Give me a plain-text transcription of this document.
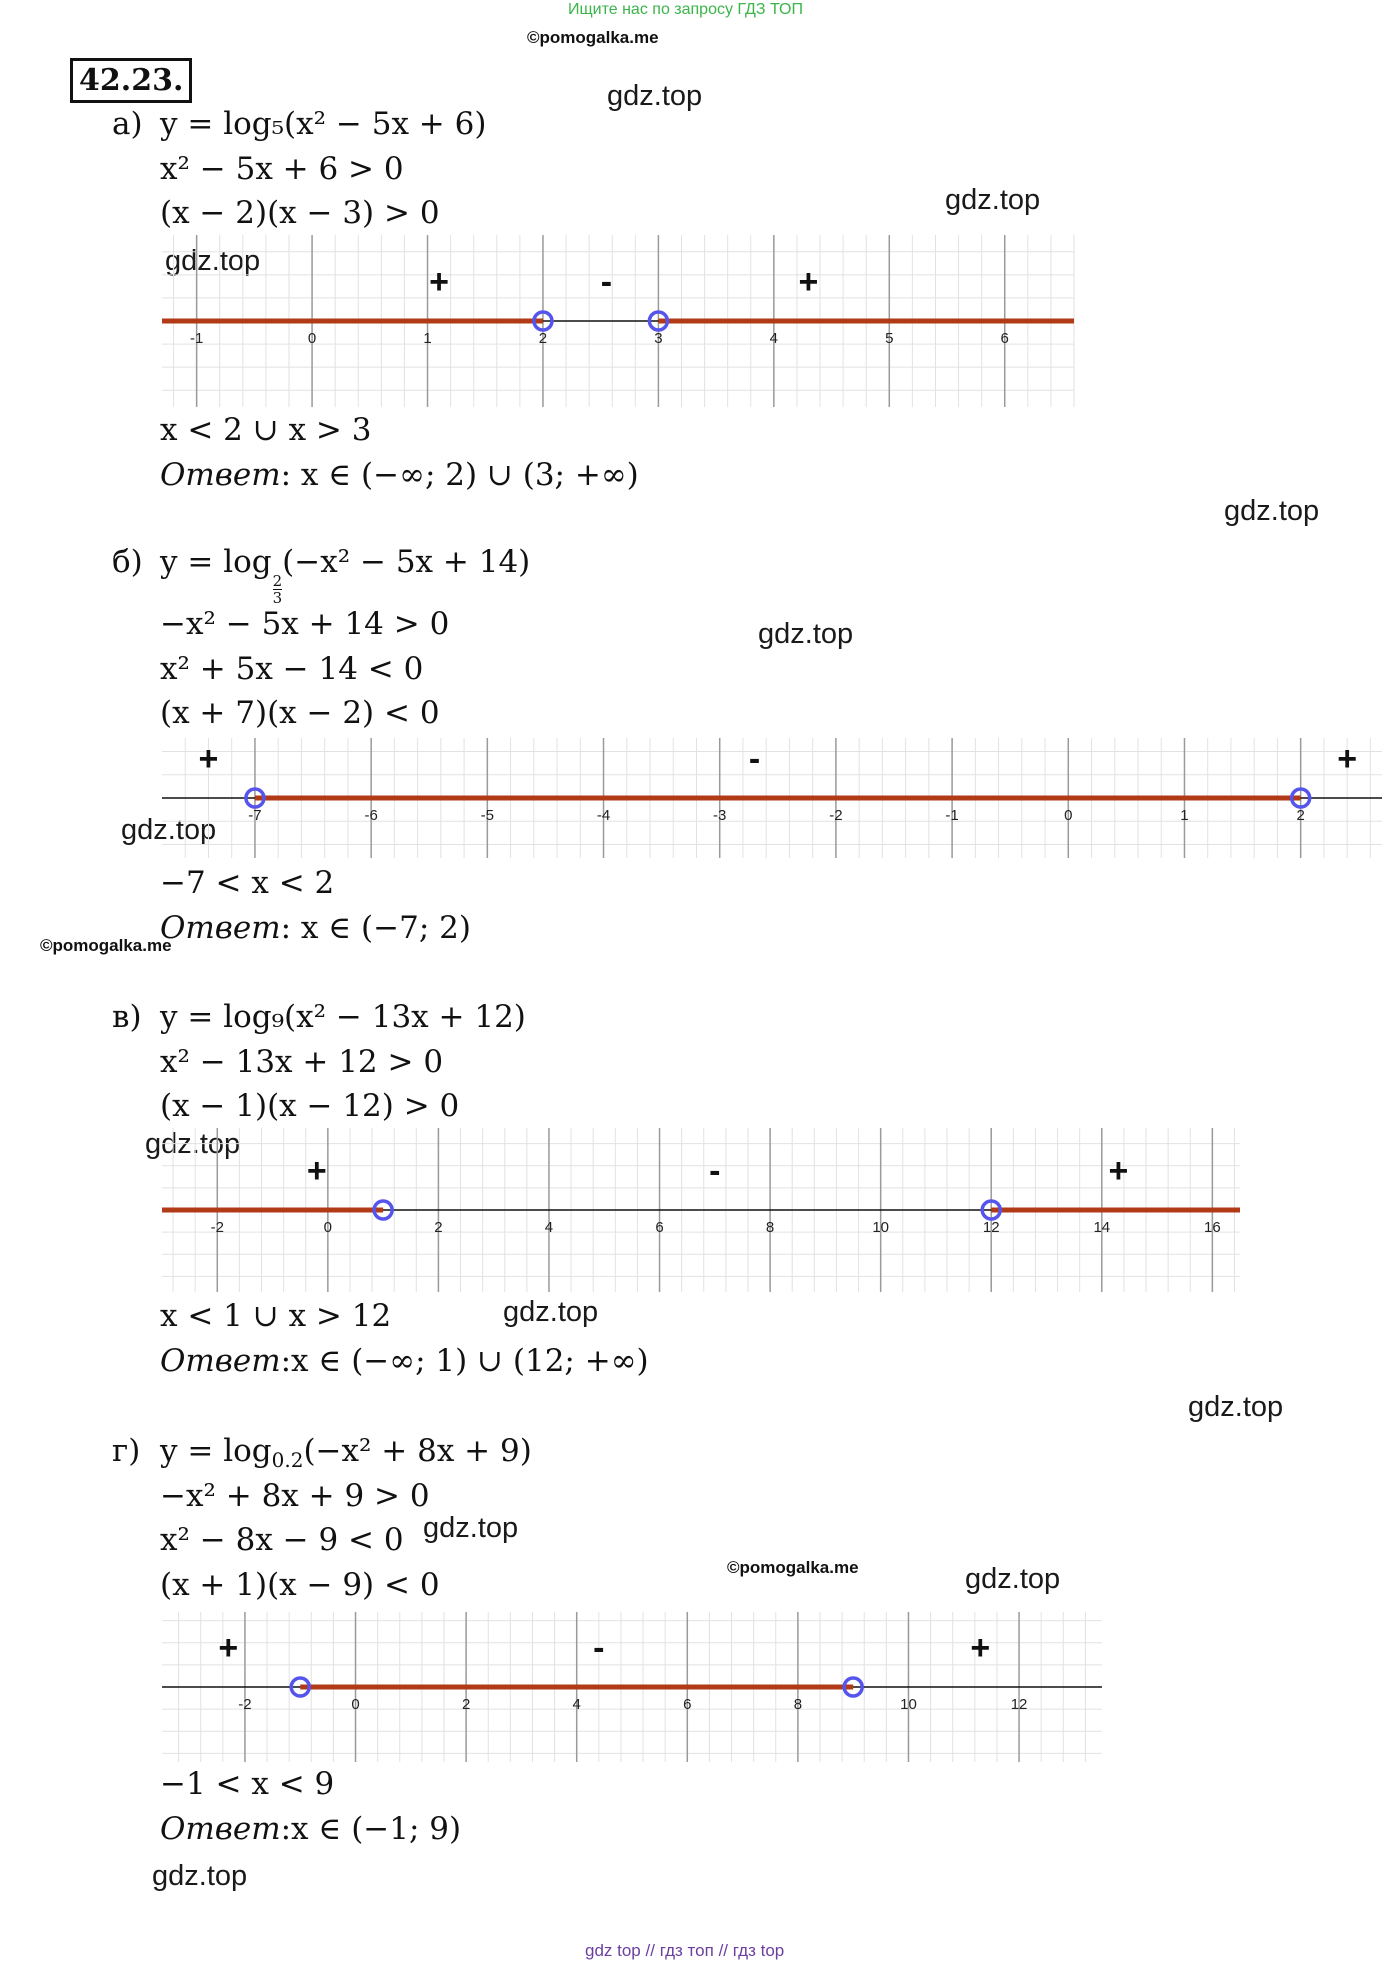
Ищите нас по запросу ГДЗ ТОП
©pomogalka.me
42.23.	gdz.top
gdz.top
gdz.top
gdz.top
gdz.top
gdz.top
©pomogalka.me
gdz.top
gdz.top
gdz.top
gdz.top
©pomogalka.me	gdz.top
gdz.top
а) y = log₅(x² − 5x + 6)
x² − 5x + 6 > 0
(x − 2)(x − 3) > 0
-1	0	1	2	3	4	5	6
+	-	+
x < 2 ∪ x > 3
Ответ: x ∈ (−∞; 2) ∪ (3; +∞)
б) y = log
$\frac{2}{3}$
(−x² − 5x + 14)
−x² − 5x + 14 > 0
x² + 5x − 14 < 0
(x + 7)(x − 2) < 0
-7	-6	-5	-4	-3	-2	-1	0	1	2
+	-	+
−7 < x < 2
Ответ: x ∈ (−7; 2)
в) y = log₉(x² − 13x + 12)
x² − 13x + 12 > 0
(x − 1)(x − 12) > 0
-2	0	2	4	6	8	10	12	14	16
+	-	+
x < 1 ∪ x > 12
Ответ:x ∈ (−∞; 1) ∪ (12; +∞)
г) $y = \log_{0.2}(-x^2 + 8x + 9)$
−x² + 8x + 9 > 0
x² − 8x − 9 < 0
(x + 1)(x − 9) < 0
-2	0	2	4	6	8	10	12
+	-	+
−1 < x < 9
Ответ:x ∈ (−1; 9)
gdz top // гдз топ // гдз top
